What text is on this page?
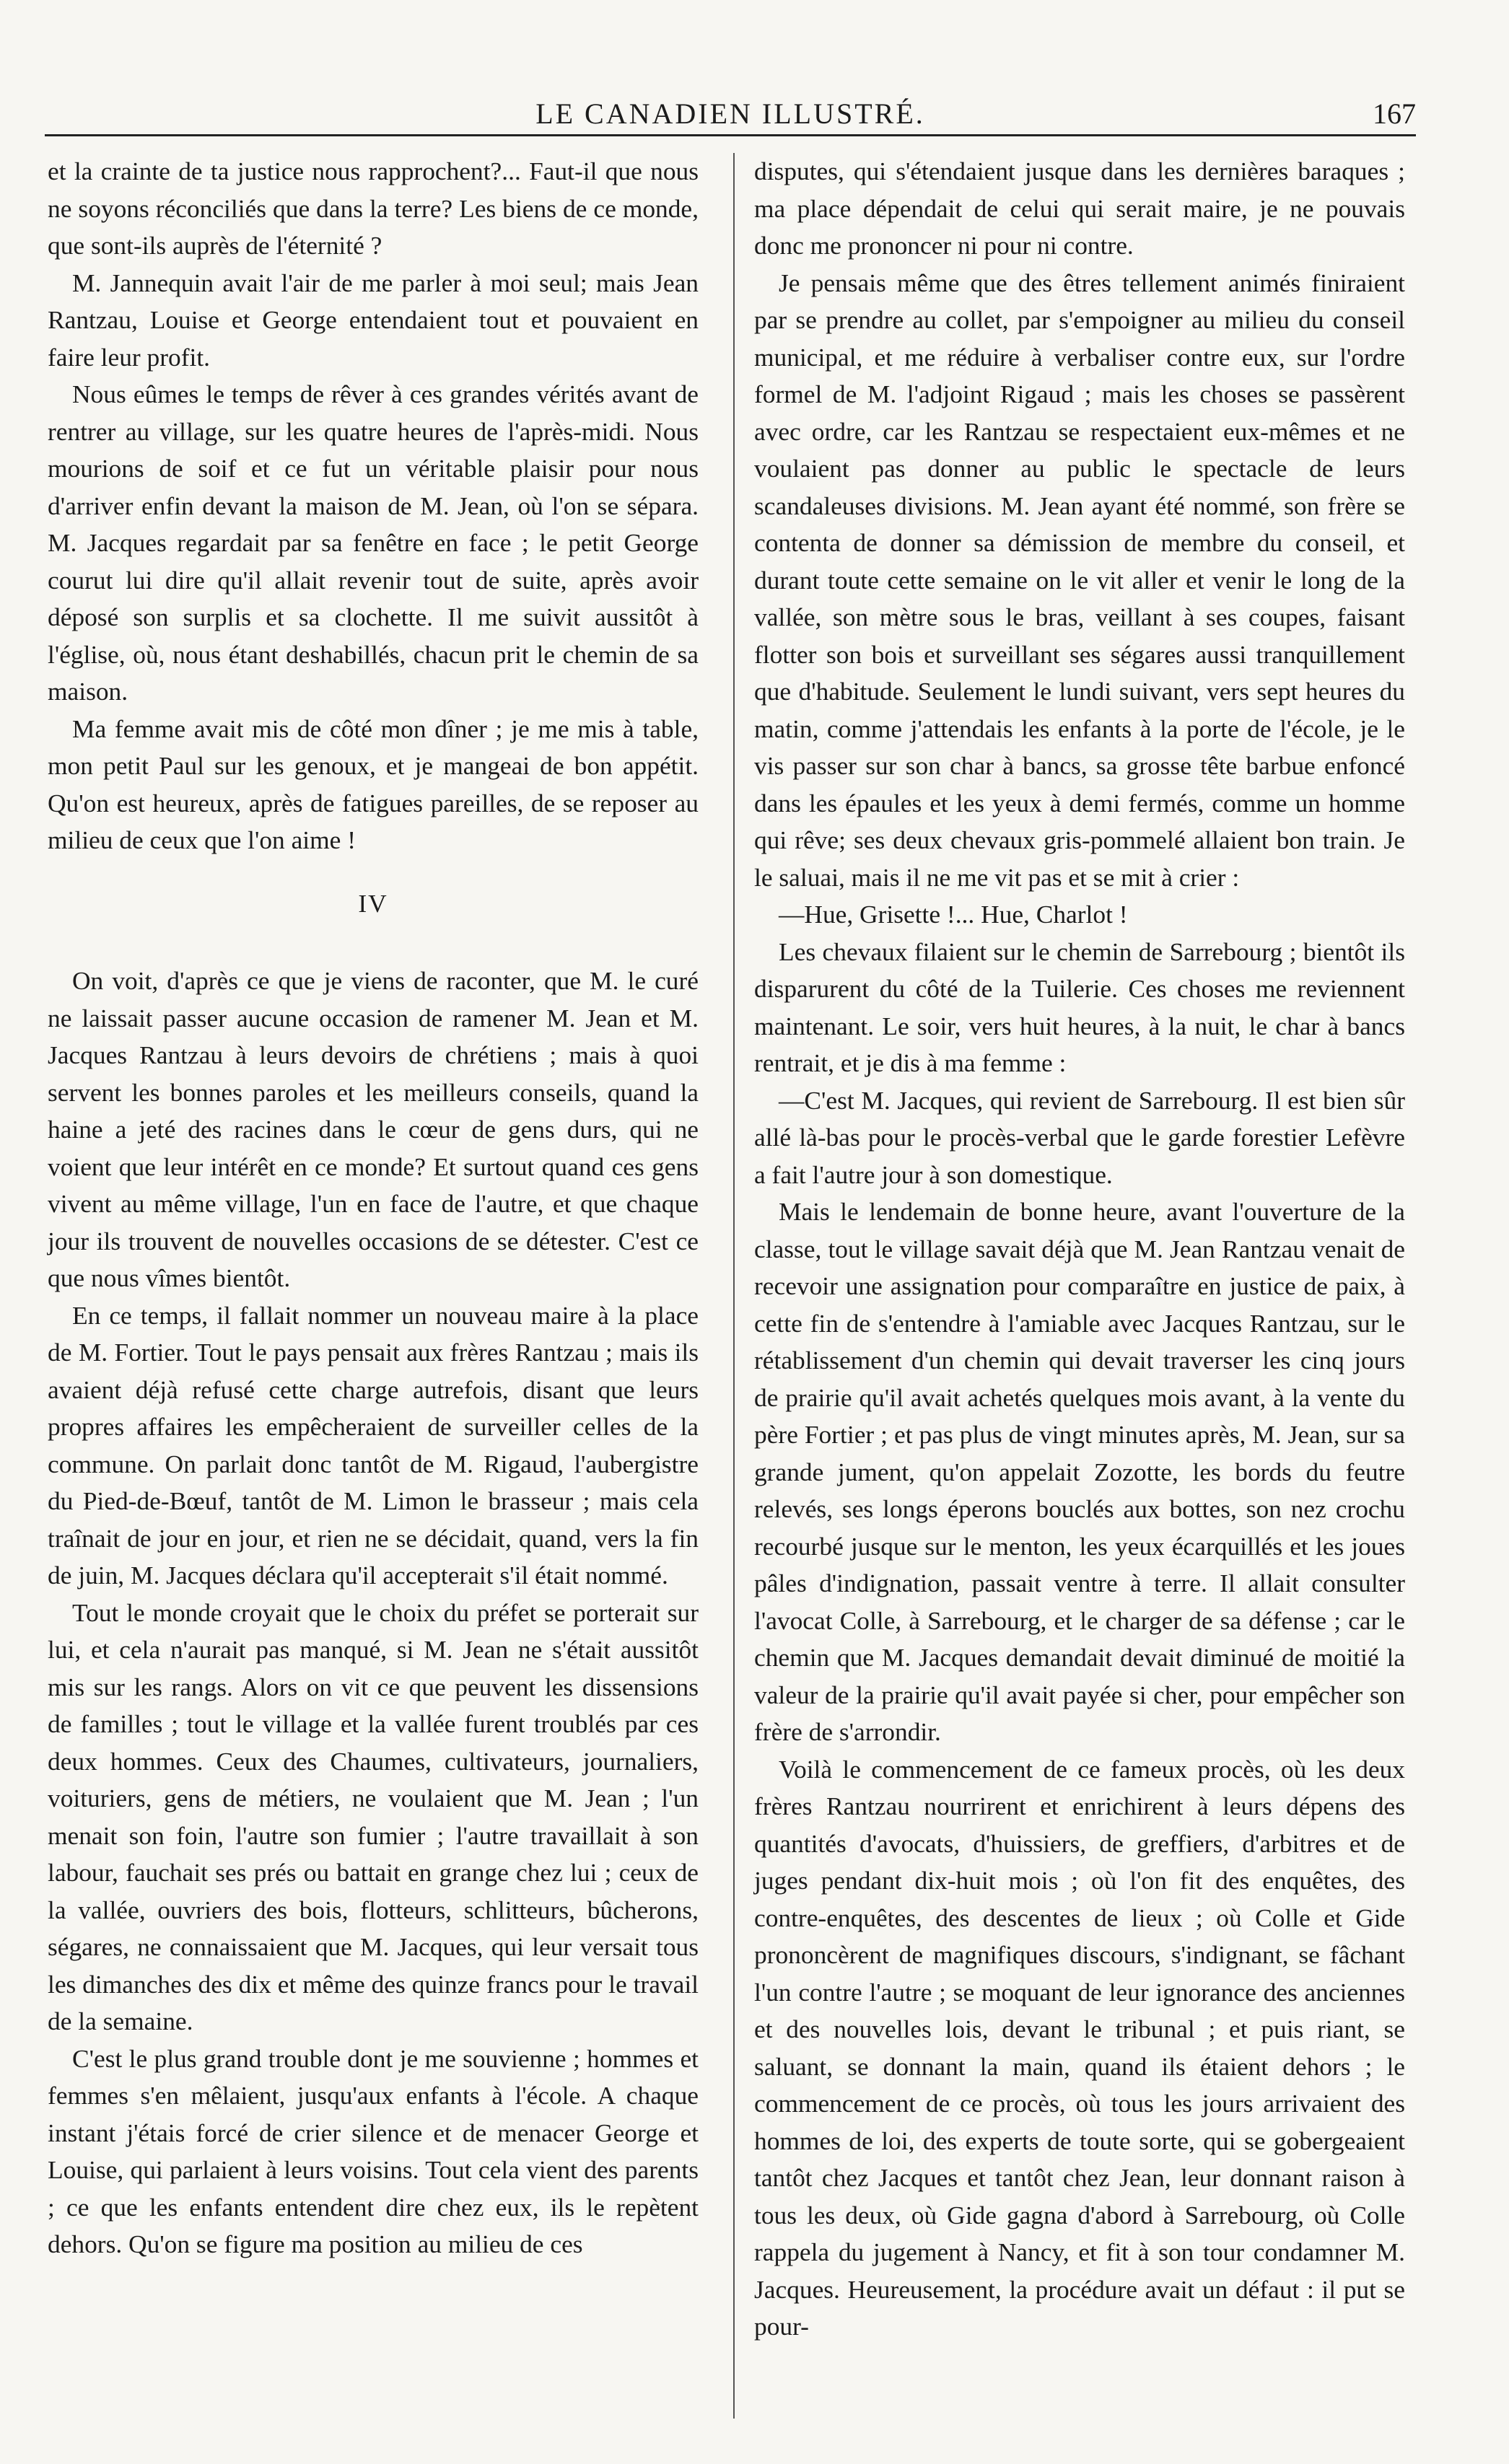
LE CANADIEN ILLUSTRÉ.	167

et la crainte de ta justice nous rapprochent?... Faut-il que nous ne soyons réconciliés que dans la terre? Les biens de ce monde, que sont-ils auprès de l'éternité ?

M. Jannequin avait l'air de me parler à moi seul; mais Jean Rantzau, Louise et George entendaient tout et pouvaient en faire leur profit.

Nous eûmes le temps de rêver à ces grandes vérités avant de rentrer au village, sur les quatre heures de l'après-midi. Nous mourions de soif et ce fut un véritable plaisir pour nous d'arriver enfin devant la maison de M. Jean, où l'on se sépara. M. Jacques regardait par sa fenêtre en face ; le petit George courut lui dire qu'il allait revenir tout de suite, après avoir déposé son surplis et sa clochette. Il me suivit aussitôt à l'église, où, nous étant deshabillés, chacun prit le chemin de sa maison.

Ma femme avait mis de côté mon dîner ; je me mis à table, mon petit Paul sur les genoux, et je mangeai de bon appétit. Qu'on est heureux, après de fatigues pareilles, de se reposer au milieu de ceux que l'on aime !

IV

On voit, d'après ce que je viens de raconter, que M. le curé ne laissait passer aucune occasion de ramener M. Jean et M. Jacques Rantzau à leurs devoirs de chrétiens ; mais à quoi servent les bonnes paroles et les meilleurs conseils, quand la haine a jeté des racines dans le cœur de gens durs, qui ne voient que leur intérêt en ce monde? Et surtout quand ces gens vivent au même village, l'un en face de l'autre, et que chaque jour ils trouvent de nouvelles occasions de se détester. C'est ce que nous vîmes bientôt.

En ce temps, il fallait nommer un nouveau maire à la place de M. Fortier. Tout le pays pensait aux frères Rantzau ; mais ils avaient déjà refusé cette charge autrefois, disant que leurs propres affaires les empêcheraient de surveiller celles de la commune. On parlait donc tantôt de M. Rigaud, l'aubergistre du Pied-de-Bœuf, tantôt de M. Limon le brasseur ; mais cela traînait de jour en jour, et rien ne se décidait, quand, vers la fin de juin, M. Jacques déclara qu'il accepterait s'il était nommé.

Tout le monde croyait que le choix du préfet se porterait sur lui, et cela n'aurait pas manqué, si M. Jean ne s'était aussitôt mis sur les rangs. Alors on vit ce que peuvent les dissensions de familles ; tout le village et la vallée furent troublés par ces deux hommes. Ceux des Chaumes, cultivateurs, journaliers, voituriers, gens de métiers, ne voulaient que M. Jean ; l'un menait son foin, l'autre son fumier ; l'autre travaillait à son labour, fauchait ses prés ou battait en grange chez lui ; ceux de la vallée, ouvriers des bois, flotteurs, schlitteurs, bûcherons, ségares, ne connaissaient que M. Jacques, qui leur versait tous les dimanches des dix et même des quinze francs pour le travail de la semaine.

C'est le plus grand trouble dont je me souvienne ; hommes et femmes s'en mêlaient, jusqu'aux enfants à l'école. A chaque instant j'étais forcé de crier silence et de menacer George et Louise, qui parlaient à leurs voisins. Tout cela vient des parents ; ce que les enfants entendent dire chez eux, ils le repètent dehors. Qu'on se figure ma position au milieu de ces

disputes, qui s'étendaient jusque dans les dernières baraques ; ma place dépendait de celui qui serait maire, je ne pouvais donc me prononcer ni pour ni contre.

Je pensais même que des êtres tellement animés finiraient par se prendre au collet, par s'empoigner au milieu du conseil municipal, et me réduire à verbaliser contre eux, sur l'ordre formel de M. l'adjoint Rigaud ; mais les choses se passèrent avec ordre, car les Rantzau se respectaient eux-mêmes et ne voulaient pas donner au public le spectacle de leurs scandaleuses divisions. M. Jean ayant été nommé, son frère se contenta de donner sa démission de membre du conseil, et durant toute cette semaine on le vit aller et venir le long de la vallée, son mètre sous le bras, veillant à ses coupes, faisant flotter son bois et surveillant ses ségares aussi tranquillement que d'habitude. Seulement le lundi suivant, vers sept heures du matin, comme j'attendais les enfants à la porte de l'école, je le vis passer sur son char à bancs, sa grosse tête barbue enfoncé dans les épaules et les yeux à demi fermés, comme un homme qui rêve; ses deux chevaux gris-pommelé allaient bon train. Je le saluai, mais il ne me vit pas et se mit à crier :

—Hue, Grisette !... Hue, Charlot !

Les chevaux filaient sur le chemin de Sarrebourg ; bientôt ils disparurent du côté de la Tuilerie. Ces choses me reviennent maintenant. Le soir, vers huit heures, à la nuit, le char à bancs rentrait, et je dis à ma femme :

—C'est M. Jacques, qui revient de Sarrebourg. Il est bien sûr allé là-bas pour le procès-verbal que le garde forestier Lefèvre a fait l'autre jour à son domestique.

Mais le lendemain de bonne heure, avant l'ouverture de la classe, tout le village savait déjà que M. Jean Rantzau venait de recevoir une assignation pour comparaître en justice de paix, à cette fin de s'entendre à l'amiable avec Jacques Rantzau, sur le rétablissement d'un chemin qui devait traverser les cinq jours de prairie qu'il avait achetés quelques mois avant, à la vente du père Fortier ; et pas plus de vingt minutes après, M. Jean, sur sa grande jument, qu'on appelait Zozotte, les bords du feutre relevés, ses longs éperons bouclés aux bottes, son nez crochu recourbé jusque sur le menton, les yeux écarquillés et les joues pâles d'indignation, passait ventre à terre. Il allait consulter l'avocat Colle, à Sarrebourg, et le charger de sa défense ; car le chemin que M. Jacques demandait devait diminué de moitié la valeur de la prairie qu'il avait payée si cher, pour empêcher son frère de s'arrondir.

Voilà le commencement de ce fameux procès, où les deux frères Rantzau nourrirent et enrichirent à leurs dépens des quantités d'avocats, d'huissiers, de greffiers, d'arbitres et de juges pendant dix-huit mois ; où l'on fit des enquêtes, des contre-enquêtes, des descentes de lieux ; où Colle et Gide prononcèrent de magnifiques discours, s'indignant, se fâchant l'un contre l'autre ; se moquant de leur ignorance des anciennes et des nouvelles lois, devant le tribunal ; et puis riant, se saluant, se donnant la main, quand ils étaient dehors ; le commencement de ce procès, où tous les jours arrivaient des hommes de loi, des experts de toute sorte, qui se gobergeaient tantôt chez Jacques et tantôt chez Jean, leur donnant raison à tous les deux, où Gide gagna d'abord à Sarrebourg, où Colle rappela du jugement à Nancy, et fit à son tour condamner M. Jacques. Heureusement, la procédure avait un défaut : il put se pour-
